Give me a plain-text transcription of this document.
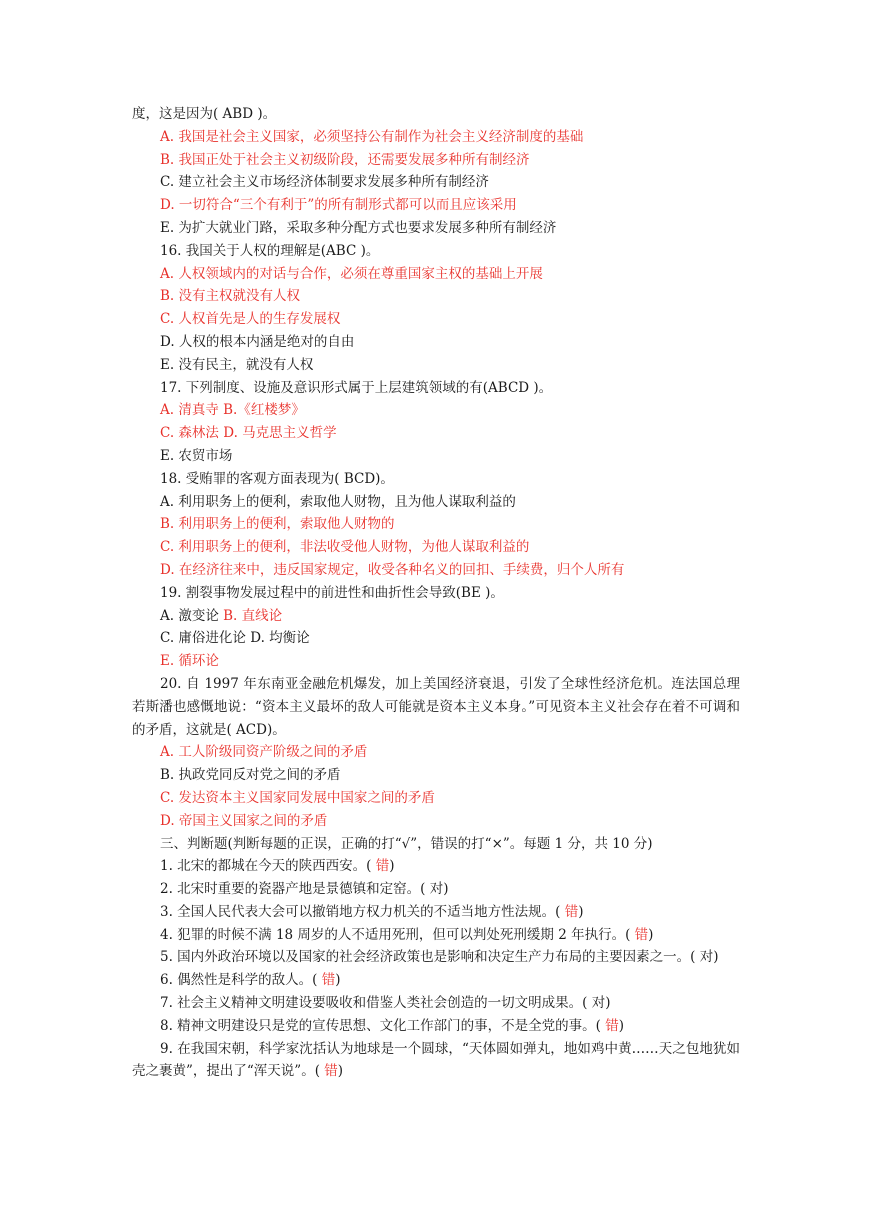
度，这是因为( ABD )。
A. 我国是社会主义国家，必须坚持公有制作为社会主义经济制度的基础
B. 我国正处于社会主义初级阶段，还需要发展多种所有制经济
C. 建立社会主义市场经济体制要求发展多种所有制经济
D. 一切符合“三个有利于”的所有制形式都可以而且应该采用
E. 为扩大就业门路，采取多种分配方式也要求发展多种所有制经济
16. 我国关于人权的理解是(ABC )。
A. 人权领域内的对话与合作，必须在尊重国家主权的基础上开展
B. 没有主权就没有人权
C. 人权首先是人的生存发展权
D. 人权的根本内涵是绝对的自由
E. 没有民主，就没有人权
17. 下列制度、设施及意识形式属于上层建筑领域的有(ABCD )。
A. 清真寺 B.《红楼梦》
C. 森林法 D. 马克思主义哲学
E. 农贸市场
18. 受贿罪的客观方面表现为( BCD)。
A. 利用职务上的便利，索取他人财物，且为他人谋取利益的
B. 利用职务上的便利，索取他人财物的
C. 利用职务上的便利，非法收受他人财物，为他人谋取利益的
D. 在经济往来中，违反国家规定，收受各种名义的回扣、手续费，归个人所有
19. 割裂事物发展过程中的前进性和曲折性会导致(BE )。
A. 激变论 B. 直线论
C. 庸俗进化论 D. 均衡论
E. 循环论
20. 自 1997 年东南亚金融危机爆发，加上美国经济衰退，引发了全球性经济危机。连法国总理若斯潘也感慨地说：“资本主义最坏的敌人可能就是资本主义本身。”可见资本主义社会存在着不可调和的矛盾，这就是( ACD)。
A. 工人阶级同资产阶级之间的矛盾
B. 执政党同反对党之间的矛盾
C. 发达资本主义国家同发展中国家之间的矛盾
D. 帝国主义国家之间的矛盾
三、判断题(判断每题的正误，正确的打“√”，错误的打“×”。每题 1 分，共 10 分)
1. 北宋的都城在今天的陕西西安。( 错)
2. 北宋时重要的瓷器产地是景德镇和定窑。( 对)
3. 全国人民代表大会可以撤销地方权力机关的不适当地方性法规。( 错)
4. 犯罪的时候不满 18 周岁的人不适用死刑，但可以判处死刑缓期 2 年执行。( 错)
5. 国内外政治环境以及国家的社会经济政策也是影响和决定生产力布局的主要因素之一。( 对)
6. 偶然性是科学的敌人。( 错)
7. 社会主义精神文明建设要吸收和借鉴人类社会创造的一切文明成果。( 对)
8. 精神文明建设只是党的宣传思想、文化工作部门的事，不是全党的事。( 错)
9. 在我国宋朝，科学家沈括认为地球是一个圆球，“天体圆如弹丸，地如鸡中黄……天之包地犹如壳之裹黄”，提出了“浑天说”。( 错)
